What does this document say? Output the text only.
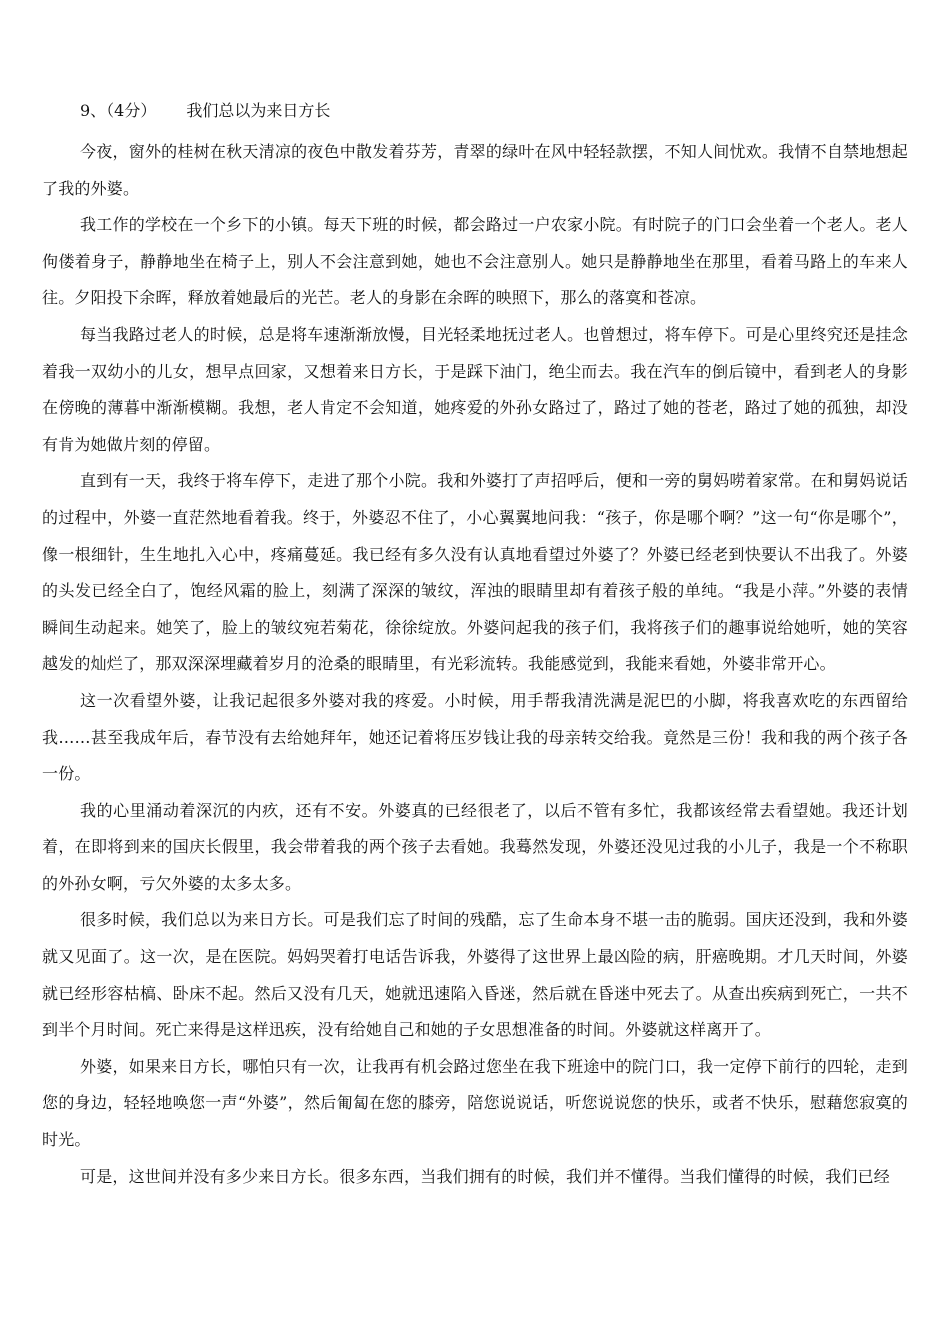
9、（4分） 我们总以为来日方长

今夜，窗外的桂树在秋天清凉的夜色中散发着芬芳，青翠的绿叶在风中轻轻款摆，不知人间忧欢。我情不自禁地想起了我的外婆。

我工作的学校在一个乡下的小镇。每天下班的时候，都会路过一户农家小院。有时院子的门口会坐着一个老人。老人佝偻着身子，静静地坐在椅子上，别人不会注意到她，她也不会注意别人。她只是静静地坐在那里，看着马路上的车来人往。夕阳投下余晖，释放着她最后的光芒。老人的身影在余晖的映照下，那么的落寞和苍凉。

每当我路过老人的时候，总是将车速渐渐放慢，目光轻柔地抚过老人。也曾想过，将车停下。可是心里终究还是挂念着我一双幼小的儿女，想早点回家，又想着来日方长，于是踩下油门，绝尘而去。我在汽车的倒后镜中，看到老人的身影在傍晚的薄暮中渐渐模糊。我想，老人肯定不会知道，她疼爱的外孙女路过了，路过了她的苍老，路过了她的孤独，却没有肯为她做片刻的停留。

直到有一天，我终于将车停下，走进了那个小院。我和外婆打了声招呼后，便和一旁的舅妈唠着家常。在和舅妈说话的过程中，外婆一直茫然地看着我。终于，外婆忍不住了，小心翼翼地问我：“孩子，你是哪个啊？”这一句“你是哪个”，像一根细针，生生地扎入心中，疼痛蔓延。我已经有多久没有认真地看望过外婆了？外婆已经老到快要认不出我了。外婆的头发已经全白了，饱经风霜的脸上，刻满了深深的皱纹，浑浊的眼睛里却有着孩子般的单纯。“我是小萍。”外婆的表情瞬间生动起来。她笑了，脸上的皱纹宛若菊花，徐徐绽放。外婆问起我的孩子们，我将孩子们的趣事说给她听，她的笑容越发的灿烂了，那双深深埋藏着岁月的沧桑的眼睛里，有光彩流转。我能感觉到，我能来看她，外婆非常开心。

这一次看望外婆，让我记起很多外婆对我的疼爱。小时候，用手帮我清洗满是泥巴的小脚，将我喜欢吃的东西留给我……甚至我成年后，春节没有去给她拜年，她还记着将压岁钱让我的母亲转交给我。竟然是三份！我和我的两个孩子各一份。

我的心里涌动着深沉的内疚，还有不安。外婆真的已经很老了，以后不管有多忙，我都该经常去看望她。我还计划着，在即将到来的国庆长假里，我会带着我的两个孩子去看她。我蓦然发现，外婆还没见过我的小儿子，我是一个不称职的外孙女啊，亏欠外婆的太多太多。

很多时候，我们总以为来日方长。可是我们忘了时间的残酷，忘了生命本身不堪一击的脆弱。国庆还没到，我和外婆就又见面了。这一次，是在医院。妈妈哭着打电话告诉我，外婆得了这世界上最凶险的病，肝癌晚期。才几天时间，外婆就已经形容枯槁、卧床不起。然后又没有几天，她就迅速陷入昏迷，然后就在昏迷中死去了。从查出疾病到死亡，一共不到半个月时间。死亡来得是这样迅疾，没有给她自己和她的子女思想准备的时间。外婆就这样离开了。

外婆，如果来日方长，哪怕只有一次，让我再有机会路过您坐在我下班途中的院门口，我一定停下前行的四轮，走到您的身边，轻轻地唤您一声“外婆”，然后匍匐在您的膝旁，陪您说说话，听您说说您的快乐，或者不快乐，慰藉您寂寞的时光。

可是，这世间并没有多少来日方长。很多东西，当我们拥有的时候，我们并不懂得。当我们懂得的时候，我们已经
